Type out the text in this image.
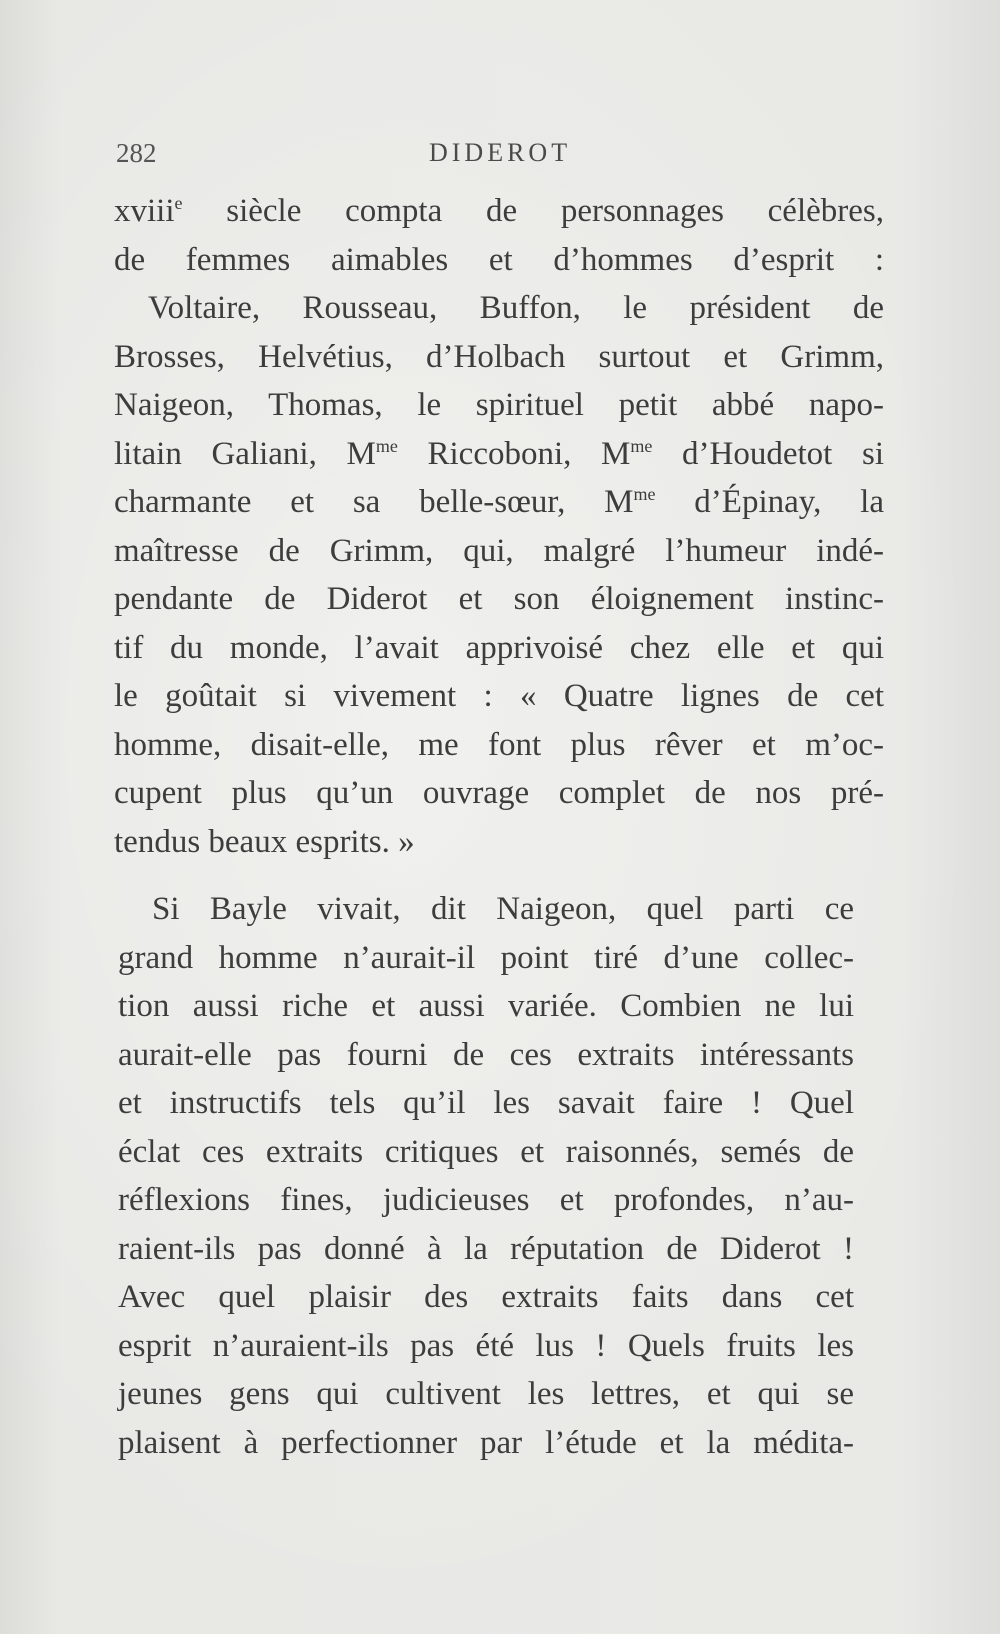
282	DIDEROT
xviii$^e$ siècle compta de personnages célèbres,
de femmes aimables et d’hommes d’esprit :
Voltaire, Rousseau, Buffon, le président de
Brosses, Helvétius, d’Holbach surtout et Grimm,
Naigeon, Thomas, le spirituel petit abbé napo-
litain Galiani, $M^{me}$ Riccoboni, $M^{me}$ d’Houdetot si
charmante et sa belle-sœur, $M^{me}$ d’Épinay, la
maîtresse de Grimm, qui, malgré l’humeur indé-
pendante de Diderot et son éloignement instinc-
tif du monde, l’avait apprivoisé chez elle et qui
le goûtait si vivement : « Quatre lignes de cet
homme, disait-elle, me font plus rêver et m’oc-
cupent plus qu’un ouvrage complet de nos pré-
tendus beaux esprits. »
Si Bayle vivait, dit Naigeon, quel parti ce
grand homme n’aurait-il point tiré d’une collec-
tion aussi riche et aussi variée. Combien ne lui
aurait-elle pas fourni de ces extraits intéressants
et instructifs tels qu’il les savait faire ! Quel
éclat ces extraits critiques et raisonnés, semés de
réflexions fines, judicieuses et profondes, n’au-
raient-ils pas donné à la réputation de Diderot !
Avec quel plaisir des extraits faits dans cet
esprit n’auraient-ils pas été lus ! Quels fruits les
jeunes gens qui cultivent les lettres, et qui se
plaisent à perfectionner par l’étude et la médita-
